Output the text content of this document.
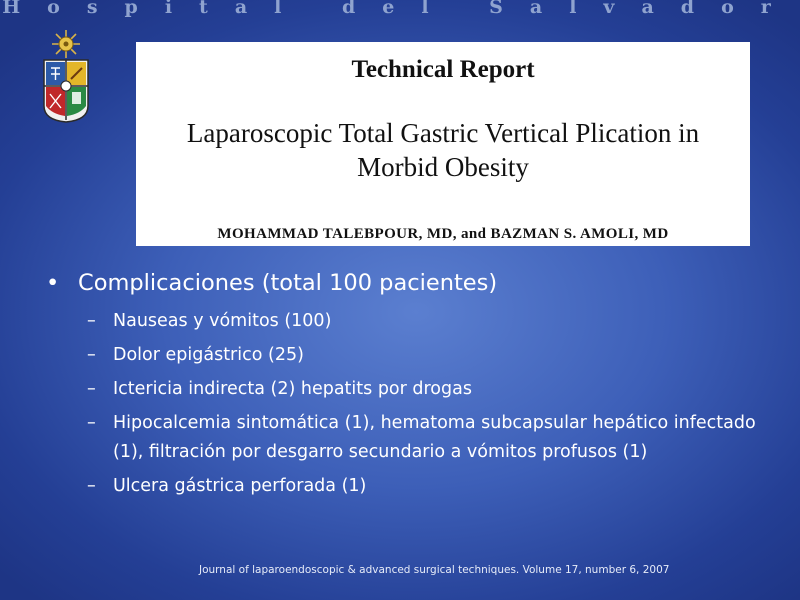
Hospital del Salvador
Technical Report
Laparoscopic Total Gastric Vertical Plication in
Morbid Obesity
MOHAMMAD TALEBPOUR, MD, and BAZMAN S. AMOLI, MD
• Complicaciones (total 100 pacientes)
– Nauseas y vómitos (100)
– Dolor epigástrico (25)
– Ictericia indirecta (2) hepatits por drogas
– Hipocalcemia sintomática (1), hematoma subcapsular hepático infectado (1), filtración por desgarro secundario a vómitos profusos (1)
– Ulcera gástrica perforada (1)
Journal of laparoendoscopic & advanced surgical techniques. Volume 17, number 6, 2007
